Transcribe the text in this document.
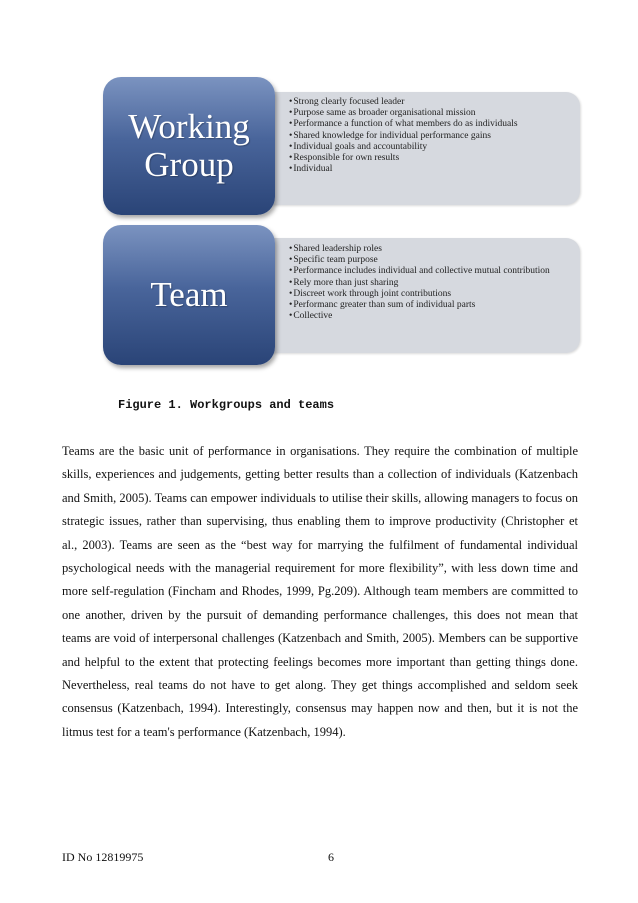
• Strong clearly focused leader
• Purpose same as broader organisational mission
• Performance a function of what members do as individuals
• Shared knowledge for individual performance gains
• Individual goals and accountability
• Responsible for own results
• Individual
Working
Group
• Shared leadership roles
• Specific team purpose
• Performance includes individual and collective mutual contribution
• Rely more than just sharing
• Discreet work through joint contributions
• Performanc greater than sum of individual parts
• Collective
Team
Figure 1. Workgroups and teams

Teams are the basic unit of performance in organisations. They require the combination of multiple skills, experiences and judgements, getting better results than a collection of individuals (Katzenbach and Smith, 2005). Teams can empower individuals to utilise their skills, allowing managers to focus on strategic issues, rather than supervising, thus enabling them to improve productivity (Christopher et al., 2003). Teams are seen as the “best way for marrying the fulfilment of fundamental individual psychological needs with the managerial requirement for more flexibility”, with less down time and more self-regulation (Fincham and Rhodes, 1999, Pg.209). Although team members are committed to one another, driven by the pursuit of demanding performance challenges, this does not mean that teams are void of interpersonal challenges (Katzenbach and Smith, 2005). Members can be supportive and helpful to the extent that protecting feelings becomes more important than getting things done. Nevertheless, real teams do not have to get along. They get things accomplished and seldom seek consensus (Katzenbach, 1994). Interestingly, consensus may happen now and then, but it is not the litmus test for a team's performance (Katzenbach, 1994).

ID No 12819975	6
